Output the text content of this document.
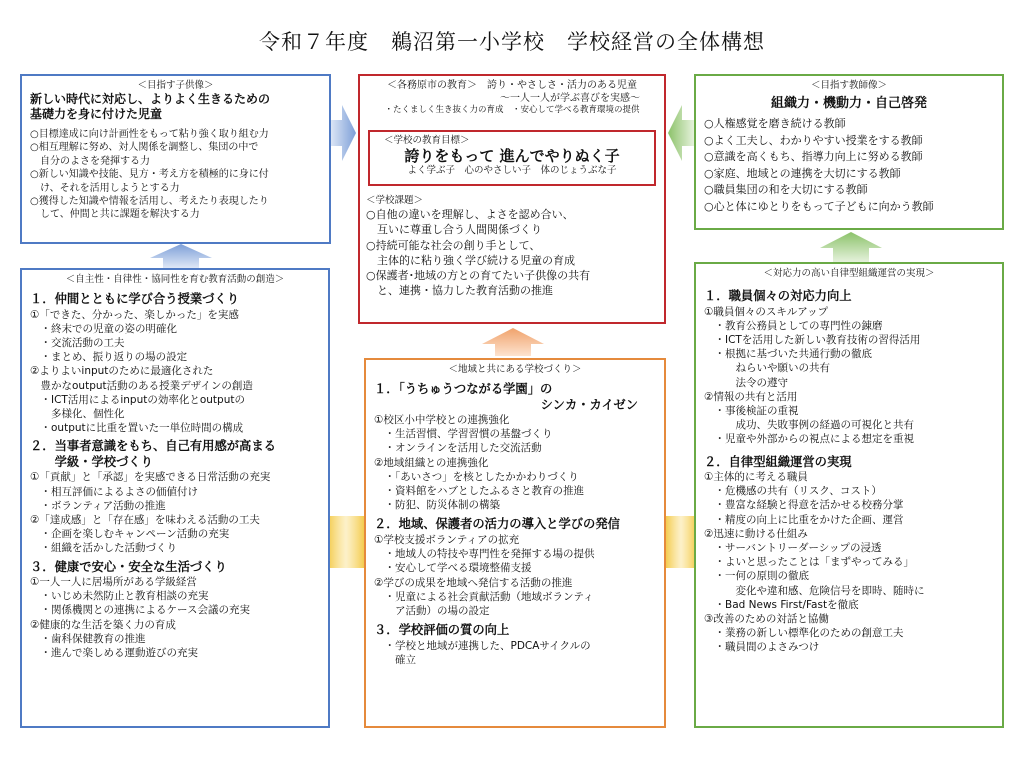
令和７年度　鵜沼第一小学校　学校経営の全体構想
＜目指す子供像＞
新しい時代に対応し、よりよく生きるための
基礎力を身に付けた児童
○目標達成に向け計画性をもって粘り強く取り組む力
○相互理解に努め、対人関係を調整し、集団の中で
　自分のよさを発揮する力
○新しい知識や技能、見方・考え方を積極的に身に付
　け、それを活用しようとする力
○獲得した知識や情報を活用し、考えたり表現したり
　して、仲間と共に課題を解決する力
＜各務原市の教育＞　誇り・やさしさ・活力のある児童
～一人一人が学ぶ喜びを実感～
・たくましく生き抜く力の育成　・安心して学べる教育環境の提供
＜学校の教育目標＞
誇りをもって 進んでやりぬく子
よく学ぶ子　心のやさしい子　体のじょうぶな子
＜学校課題＞
○自他の違いを理解し、よさを認め合い、
　互いに尊重し合う人間関係づくり
○持続可能な社会の創り手として、
　主体的に粘り強く学び続ける児童の育成
○保護者･地域の方との育てたい子供像の共有
　と、連携・協力した教育活動の推進
＜目指す教師像＞
組織力・機動力・自己啓発
○人権感覚を磨き続ける教師
○よく工夫し、わかりやすい授業をする教師
○意識を高くもち、指導力向上に努める教師
○家庭、地域との連携を大切にする教師
○職員集団の和を大切にする教師
○心と体にゆとりをもって子どもに向かう教師
＜自主性・自律性・協同性を育む教育活動の創造＞
１．仲間とともに学び合う授業づくり
①「できた、分かった、楽しかった」を実感
　・終末での児童の姿の明確化
　・交流活動の工夫
　・まとめ、振り返りの場の設定
②よりよいinputのために最適化された
　豊かなoutput活動のある授業デザインの創造
　・ICT活用によるinputの効率化とoutputの
　　多様化、個性化
　・outputに比重を置いた一単位時間の構成
２．当事者意識をもち、自己有用感が高まる
　　学級・学校づくり
①「貢献」と「承認」を実感できる日常活動の充実
　・相互評価によるよさの価値付け
　・ボランティア活動の推進
②「達成感」と「存在感」を味わえる活動の工夫
　・企画を楽しむキャンペーン活動の充実
　・組織を活かした活動づくり
３．健康で安心・安全な生活づくり
①一人一人に居場所がある学級経営
　・いじめ未然防止と教育相談の充実
　・関係機関との連携によるケース会議の充実
②健康的な生活を築く力の育成
　・歯科保健教育の推進
　・進んで楽しめる運動遊びの充実
＜地域と共にある学校づくり＞
１．「うちゅうつながる学園」の
シンカ・カイゼン
①校区小中学校との連携強化
　・生活習慣、学習習慣の基盤づくり
　・オンラインを活用した交流活動
②地域組織との連携強化
　・「あいさつ」を核としたかかわりづくり
　・資料館をハブとしたふるさと教育の推進
　・防犯、防災体制の構築
２．地域、保護者の活力の導入と学びの発信
①学校支援ボランティアの拡充
　・地域人の特技や専門性を発揮する場の提供
　・安心して学べる環境整備支援
②学びの成果を地域へ発信する活動の推進
　・児童による社会貢献活動（地域ボランティ
　　ア活動）の場の設定
３．学校評価の質の向上
　・学校と地域が連携した、PDCAサイクルの
　　確立
＜対応力の高い自律型組織運営の実現＞
１．職員個々の対応力向上
①職員個々のスキルアップ
　・教育公務員としての専門性の錬磨
　・ICTを活用した新しい教育技術の習得活用
　・根拠に基づいた共通行動の徹底
　　　ねらいや願いの共有
　　　法令の遵守
②情報の共有と活用
　・事後検証の重視
　　　成功、失敗事例の経過の可視化と共有
　・児童や外部からの視点による想定を重視
２．自律型組織運営の実現
①主体的に考える職員
　・危機感の共有（リスク、コスト）
　・豊富な経験と得意を活かせる校務分掌
　・精度の向上に比重をかけた企画、運営
②迅速に動ける仕組み
　・サーバントリーダーシップの浸透
　・よいと思ったことは「まずやってみる」
　・一何の原則の徹底
　　　変化や違和感、危険信号を即時、随時に
　・Bad News First/Fastを徹底
③改善のための対話と協働
　・業務の新しい標準化のための創意工夫
　・職員間のよさみつけ
